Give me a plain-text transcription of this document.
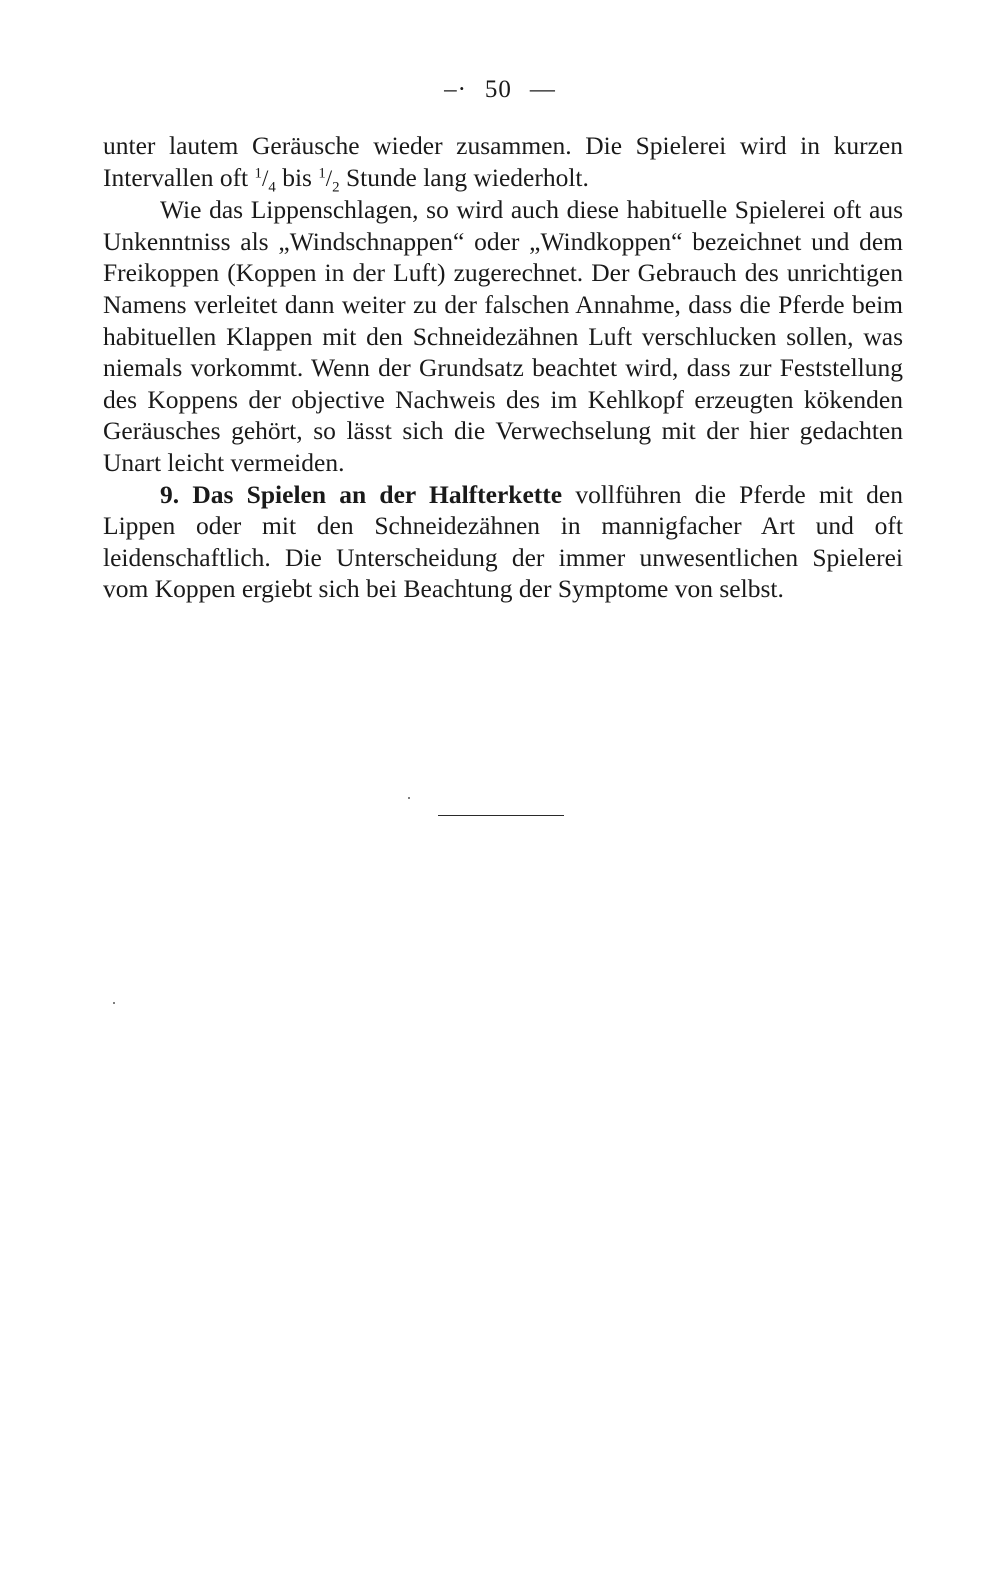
–· 50 —

unter lautem Geräusche wieder zusammen. Die Spielerei wird in kurzen Intervallen oft $^1/_4$ bis $^1/_2$ Stunde lang wiederholt.

Wie das Lippenschlagen, so wird auch diese habituelle Spielerei oft aus Unkenntniss als „Windschnappen“ oder „Windkoppen“ bezeichnet und dem Freikoppen (Koppen in der Luft) zugerechnet. Der Gebrauch des unrichtigen Namens verleitet dann weiter zu der falschen Annahme, dass die Pferde beim habituellen Klappen mit den Schneidezähnen Luft verschlucken sollen, was niemals vorkommt. Wenn der Grundsatz beachtet wird, dass zur Feststellung des Koppens der objective Nachweis des im Kehlkopf erzeugten kökenden Geräusches gehört, so lässt sich die Verwechselung mit der hier gedachten Unart leicht vermeiden.

9. Das Spielen an der Halfterkette vollführen die Pferde mit den Lippen oder mit den Schneidezähnen in mannigfacher Art und oft leidenschaftlich. Die Unterscheidung der immer unwesentlichen Spielerei vom Koppen ergiebt sich bei Beachtung der Symptome von selbst.
